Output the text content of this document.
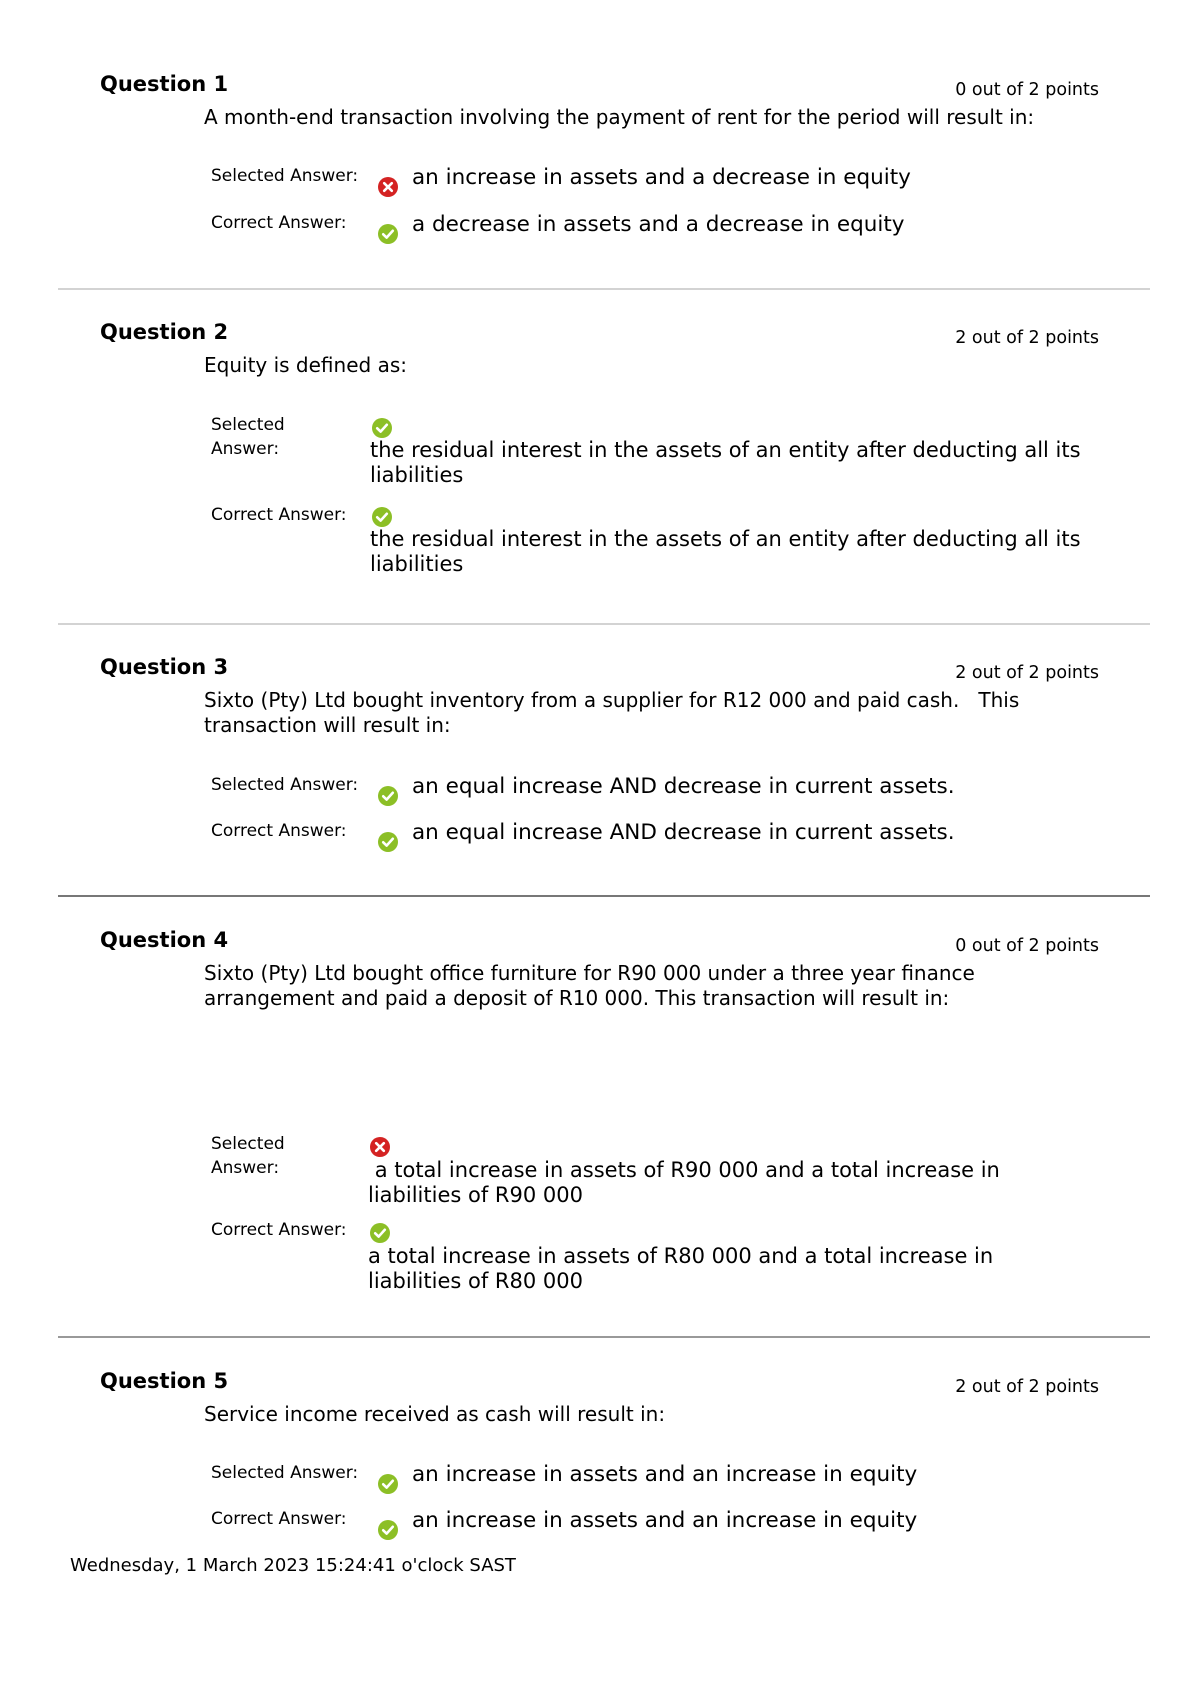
Question 1	0 out of 2 points
A month-end transaction involving the payment of rent for the period will result in:
Selected Answer:	an increase in assets and a decrease in equity
Correct Answer:	a decrease in assets and a decrease in equity
Question 2	2 out of 2 points
Equity is defined as:
Selected
Answer:	the residual interest in the assets of an entity after deducting all its liabilities
Correct Answer:
the residual interest in the assets of an entity after deducting all its liabilities
Question 3	2 out of 2 points
Sixto (Pty) Ltd bought inventory from a supplier for R12 000 and paid cash.   This transaction will result in:
Selected Answer:	an equal increase AND decrease in current assets.
Correct Answer:	an equal increase AND decrease in current assets.
Question 4	0 out of 2 points
Sixto (Pty) Ltd bought office furniture for R90 000 under a three year finance arrangement and paid a deposit of R10 000. This transaction will result in:
Selected
Answer:	a total increase in assets of R90 000 and a total increase in liabilities of R90 000
Correct Answer:
a total increase in assets of R80 000 and a total increase in liabilities of R80 000
Question 5	2 out of 2 points
Service income received as cash will result in:
Selected Answer:	an increase in assets and an increase in equity
Correct Answer:	an increase in assets and an increase in equity
Wednesday, 1 March 2023 15:24:41 o'clock SAST
